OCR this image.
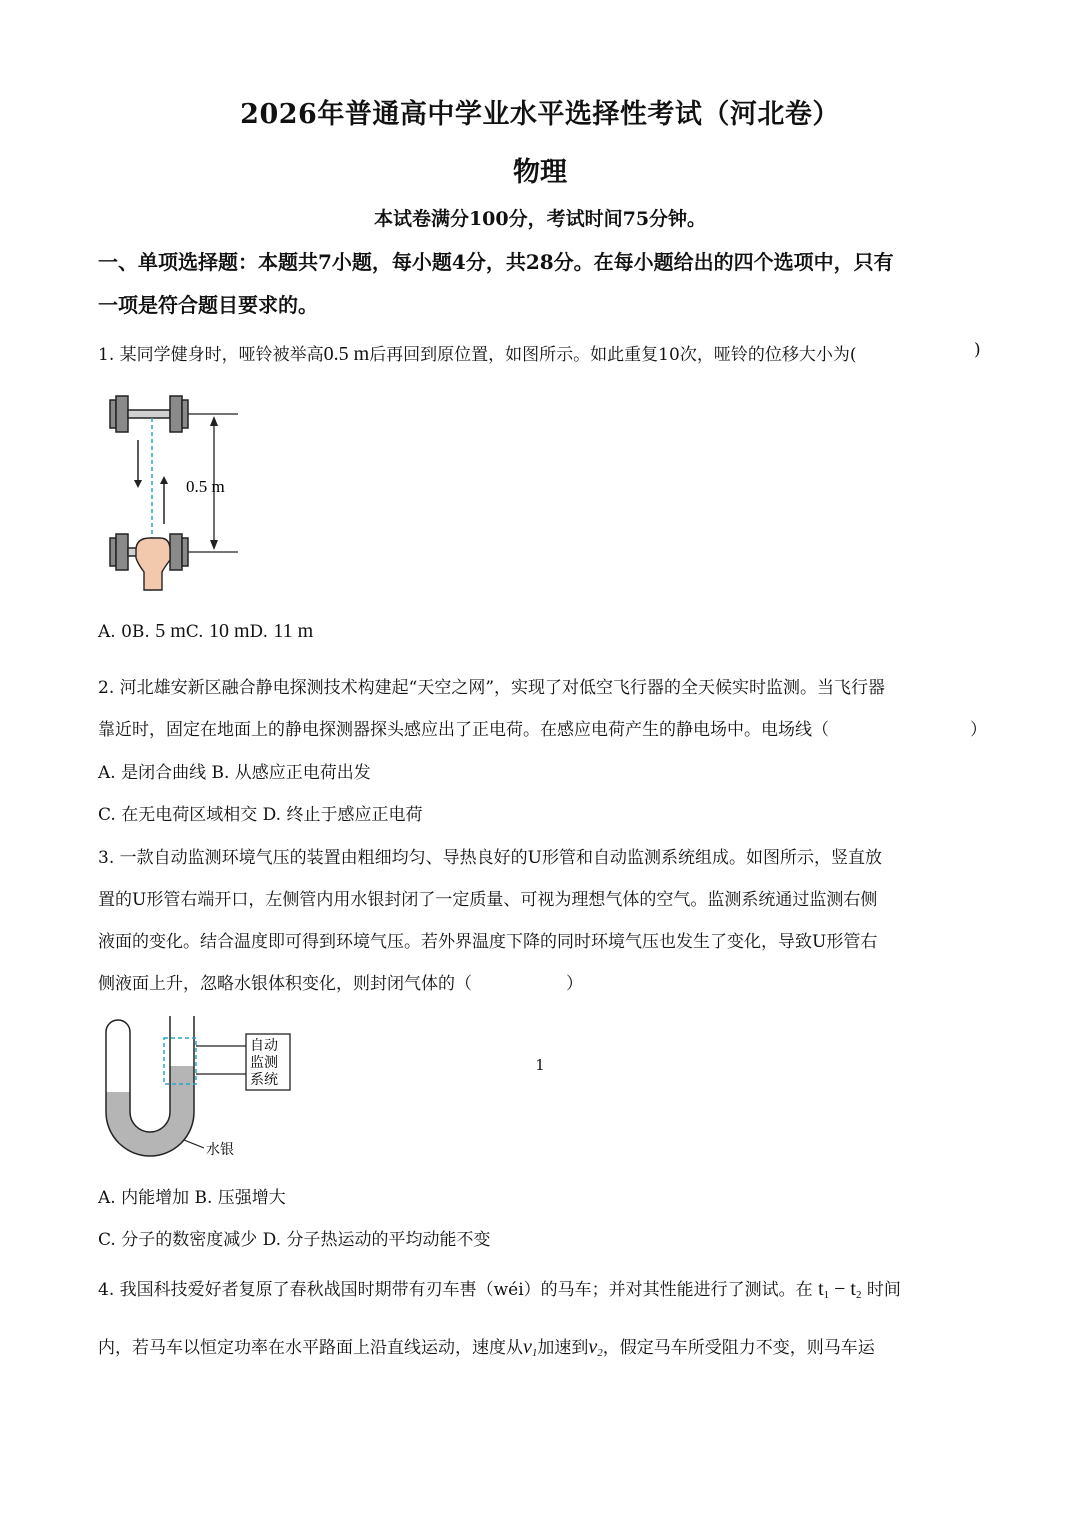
2026年普通高中学业水平选择性考试（河北卷）
物理
本试卷满分100分，考试时间75分钟。
一、单项选择题：本题共7小题，每小题4分，共28分。在每小题给出的四个选项中，只有
一项是符合题目要求的。
1. 某同学健身时，哑铃被举高0.5 m后再回到原位置，如图所示。如此重复10次，哑铃的位移大小为(	)
0.5 m
A. 0B. 5 mC. 10 mD. 11 m
2. 河北雄安新区融合静电探测技术构建起“天空之网”，实现了对低空飞行器的全天候实时监测。当飞行器
靠近时，固定在地面上的静电探测器探头感应出了正电荷。在感应电荷产生的静电场中。电场线（	）
A. 是闭合曲线 B. 从感应正电荷出发
C. 在无电荷区域相交 D. 终止于感应正电荷
3. 一款自动监测环境气压的装置由粗细均匀、导热良好的U形管和自动监测系统组成。如图所示，竖直放
置的U形管右端开口，左侧管内用水银封闭了一定质量、可视为理想气体的空气。监测系统通过监测右侧
液面的变化。结合温度即可得到环境气压。若外界温度下降的同时环境气压也发生了变化，导致U形管右
侧液面上升，忽略水银体积变化，则封闭气体的（	）
自动
监测
系统
水银
A. 内能增加 B. 压强增大
C. 分子的数密度减少 D. 分子热运动的平均动能不变
4. 我国科技爱好者复原了春秋战国时期带有刃车軎（wéi）的马车；并对其性能进行了测试。在 $t_1 - t_2$ 时间
内，若马车以恒定功率在水平路面上沿直线运动，速度从$v_1$加速到$v_2$，假定马车所受阻力不变，则马车运
1
